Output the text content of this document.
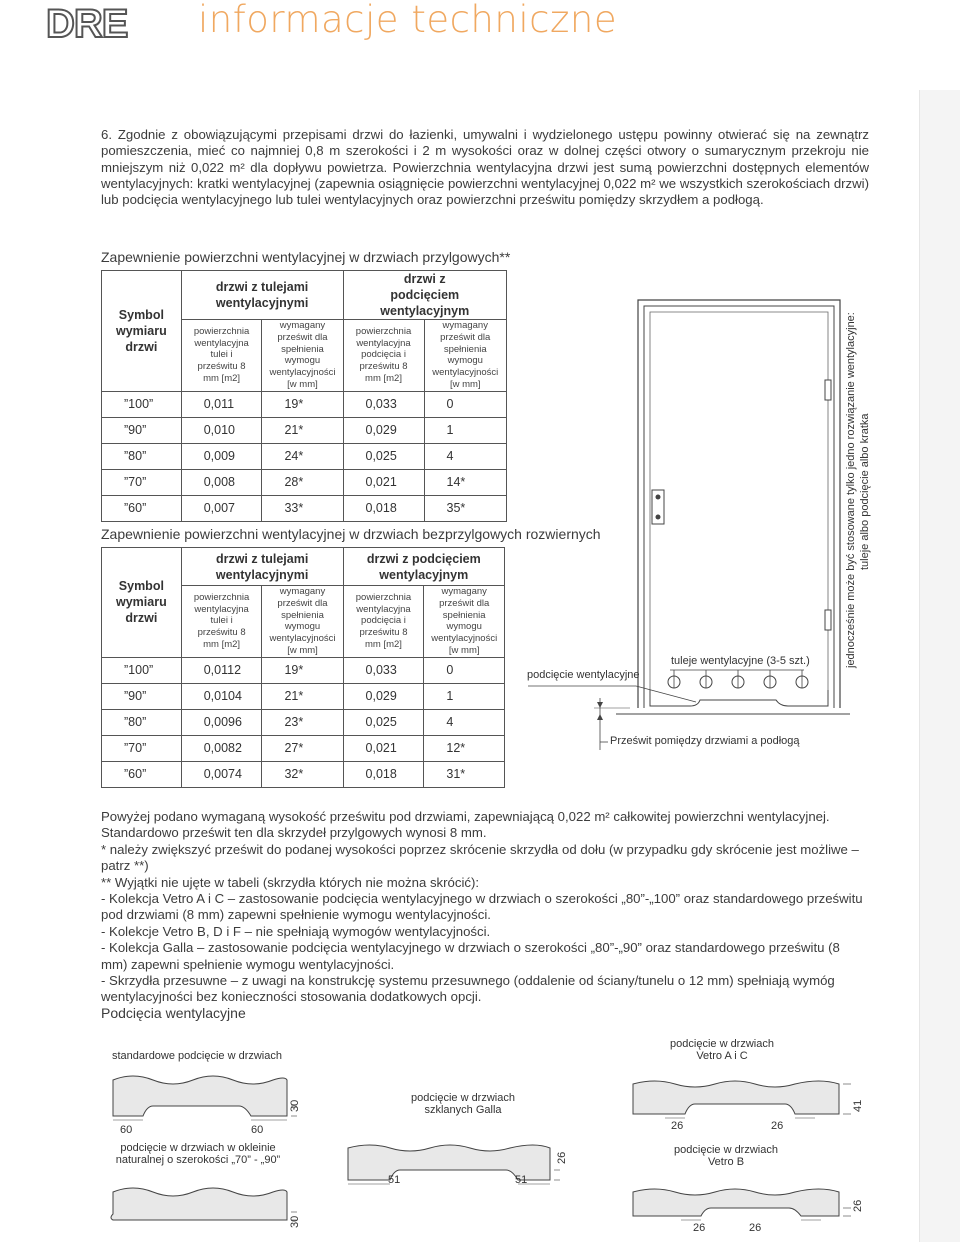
DRE informacje techniczne
6. Zgodnie z obowiązującymi przepisami drzwi do łazienki, umywalni i wydzielonego ustępu powinny otwierać się na zewnątrz pomieszczenia, mieć co najmniej 0,8 m szerokości i 2 m wysokości oraz w dolnej części otwory o sumarycznym przekroju nie mniejszym niż 0,022 m² dla dopływu powietrza. Powierzchnia wentylacyjna drzwi jest sumą powierzchni dostępnych elementów wentylacyjnych: kratki wentylacyjnej (zapewnia osiągnięcie powierzchni wentylacyjnej 0,022 m² we wszystkich szerokościach drzwi) lub podcięcia wentylacyjnego lub tulei wentylacyjnych oraz powierzchni prześwitu pomiędzy skrzydłem a podłogą.
Zapewnienie powierzchni wentylacyjnej w drzwiach przylgowych**
Symbol wymiaru drzwi	drzwi z tulejami wentylacyjnymi		drzwi z podcięciem wentylacyjnym	

	powierzchnia wentylacyjna tulei i prześwitu 8 mm [m2]	wymagany prześwit dla spełnienia wymogu wentylacyjności [w mm]	powierzchnia wentylacyjna podcięcia i prześwitu 8 mm [m2]	wymagany prześwit dla spełnienia wymogu wentylacyjności [w mm]

”100”	0,011	19*	0,033	0
”90”	0,010	21*	0,029	1
”80”	0,009	24*	0,025	4
”70”	0,008	28*	0,021	14*
”60”	0,007	33*	0,018	35*
Zapewnienie powierzchni wentylacyjnej w drzwiach bezprzylgowych rozwiernych
Symbol wymiaru drzwi	drzwi z tulejami wentylacyjnymi		drzwi z podcięciem wentylacyjnym	

	powierzchnia wentylacyjna tulei i prześwitu 8 mm [m2]	wymagany prześwit dla spełnienia wymogu wentylacyjności [w mm]	powierzchnia wentylacyjna podcięcia i prześwitu 8 mm [m2]	wymagany prześwit dla spełnienia wymogu wentylacyjności [w mm]

”100”	0,0112	19*	0,033	0
”90”	0,0104	21*	0,029	1
”80”	0,0096	23*	0,025	4
”70”	0,0082	27*	0,021	12*
”60”	0,0074	32*	0,018	31*
podcięcie wentylacyjne
tuleje wentylacyjne (3-5 szt.)
Prześwit pomiędzy drzwiami a podłogą
jednocześnie może być stosowane tylko jedno rozwiązanie wentylacyjne: tuleje albo podcięcie albo kratka
Powyżej podano wymaganą wysokość prześwitu pod drzwiami, zapewniającą 0,022 m² całkowitej powierzchni wentylacyjnej.
Standardowo prześwit ten dla skrzydeł przylgowych wynosi 8 mm.
* należy zwiększyć prześwit do podanej wysokości poprzez skrócenie skrzydła od dołu (w przypadku gdy skrócenie jest możliwe – patrz **)
** Wyjątki nie ujęte w tabeli (skrzydła których nie można skrócić):
- Kolekcja Vetro A i C – zastosowanie podcięcia wentylacyjnego w drzwiach o szerokości „80”-„100” oraz standardowego prześwitu pod drzwiami (8 mm) zapewni spełnienie wymogu wentylacyjności.
- Kolekcje Vetro B, D i F – nie spełniają wymogów wentylacyjności.
- Kolekcja Galla – zastosowanie podcięcia wentylacyjnego w drzwiach o szerokości „80”-„90” oraz standardowego prześwitu (8 mm) zapewni spełnienie wymogu wentylacyjności.
- Skrzydła przesuwne – z uwagi na konstrukcję systemu przesuwnego (oddalenie od ściany/tunelu o 12 mm) spełniają wymóg wentylacyjności bez konieczności stosowania dodatkowych opcji.
Podcięcia wentylacyjne
standardowe podcięcie w drzwiach
60	60
30
podcięcie w drzwiach w okleinie naturalnej o szerokości „70” - „90”
30
podcięcie w drzwiach szklanych Galla
51	51
26
podcięcie w drzwiach Vetro A i C
26	26
41
podcięcie w drzwiach Vetro B
26	26
26
